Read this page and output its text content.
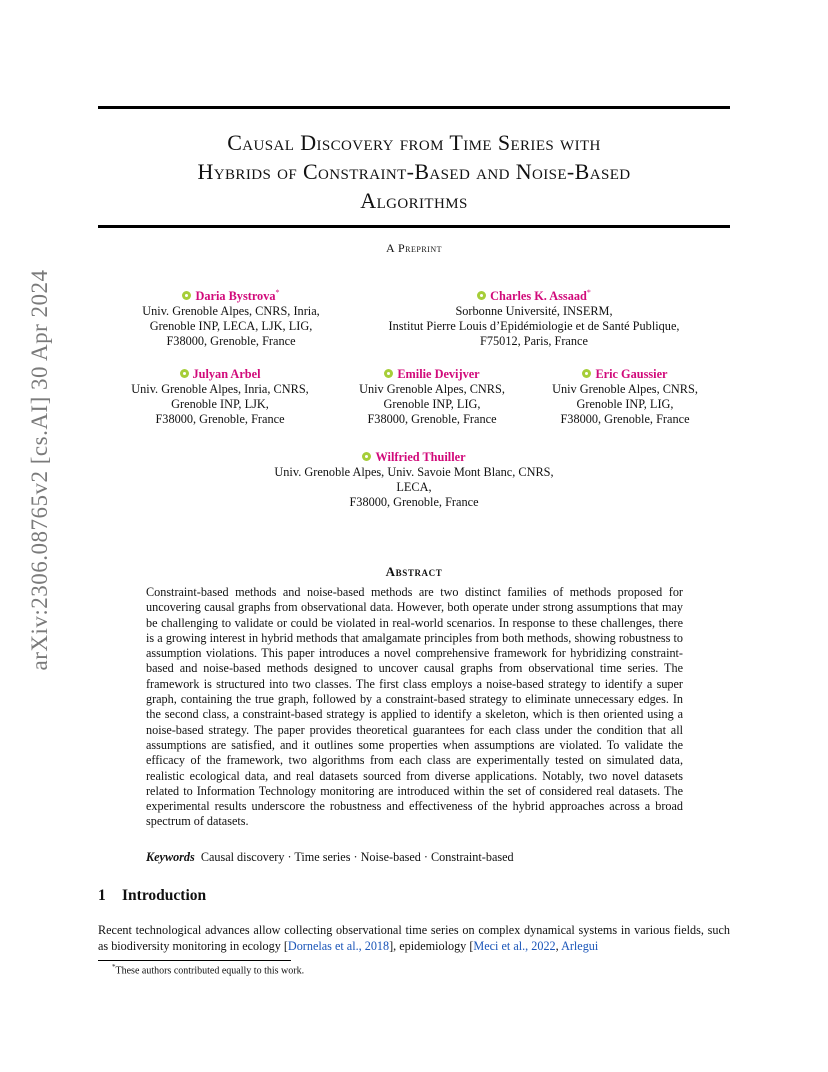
arXiv:2306.08765v2 [cs.AI] 30 Apr 2024
Causal Discovery from Time Series with
Hybrids of Constraint-Based and Noise-Based
Algorithms
A Preprint
Daria Bystrova*
Univ. Grenoble Alpes, CNRS, Inria,
Grenoble INP, LECA, LJK, LIG,
F38000, Grenoble, France
Charles K. Assaad*
Sorbonne Université, INSERM,
Institut Pierre Louis d’Epidémiologie et de Santé Publique,
F75012, Paris, France
Julyan Arbel
Univ. Grenoble Alpes, Inria, CNRS,
Grenoble INP, LJK,
F38000, Grenoble, France
Emilie Devijver
Univ Grenoble Alpes, CNRS,
Grenoble INP, LIG,
F38000, Grenoble, France
Eric Gaussier
Univ Grenoble Alpes, CNRS,
Grenoble INP, LIG,
F38000, Grenoble, France
Wilfried Thuiller
Univ. Grenoble Alpes, Univ. Savoie Mont Blanc, CNRS,
LECA,
F38000, Grenoble, France
Abstract
Constraint-based methods and noise-based methods are two distinct families of methods proposed for uncovering causal graphs from observational data. However, both operate under strong assumptions that may be challenging to validate or could be violated in real-world scenarios. In response to these challenges, there is a growing interest in hybrid methods that amalgamate principles from both methods, showing robustness to assumption violations. This paper introduces a novel comprehensive framework for hybridizing constraint-based and noise-based methods designed to uncover causal graphs from observational time series. The framework is structured into two classes. The first class employs a noise-based strategy to identify a super graph, containing the true graph, followed by a constraint-based strategy to eliminate unnecessary edges. In the second class, a constraint-based strategy is applied to identify a skeleton, which is then oriented using a noise-based strategy. The paper provides theoretical guarantees for each class under the condition that all assumptions are satisfied, and it outlines some properties when assumptions are violated. To validate the efficacy of the framework, two algorithms from each class are experimentally tested on simulated data, realistic ecological data, and real datasets sourced from diverse applications. Notably, two novel datasets related to Information Technology monitoring are introduced within the set of considered real datasets. The experimental results underscore the robustness and effectiveness of the hybrid approaches across a broad spectrum of datasets.
Keywords Causal discovery · Time series · Noise-based · Constraint-based
1 Introduction
Recent technological advances allow collecting observational time series on complex dynamical systems in various fields, such as biodiversity monitoring in ecology [Dornelas et al., 2018], epidemiology [Meci et al., 2022, Arlegui
*These authors contributed equally to this work.
